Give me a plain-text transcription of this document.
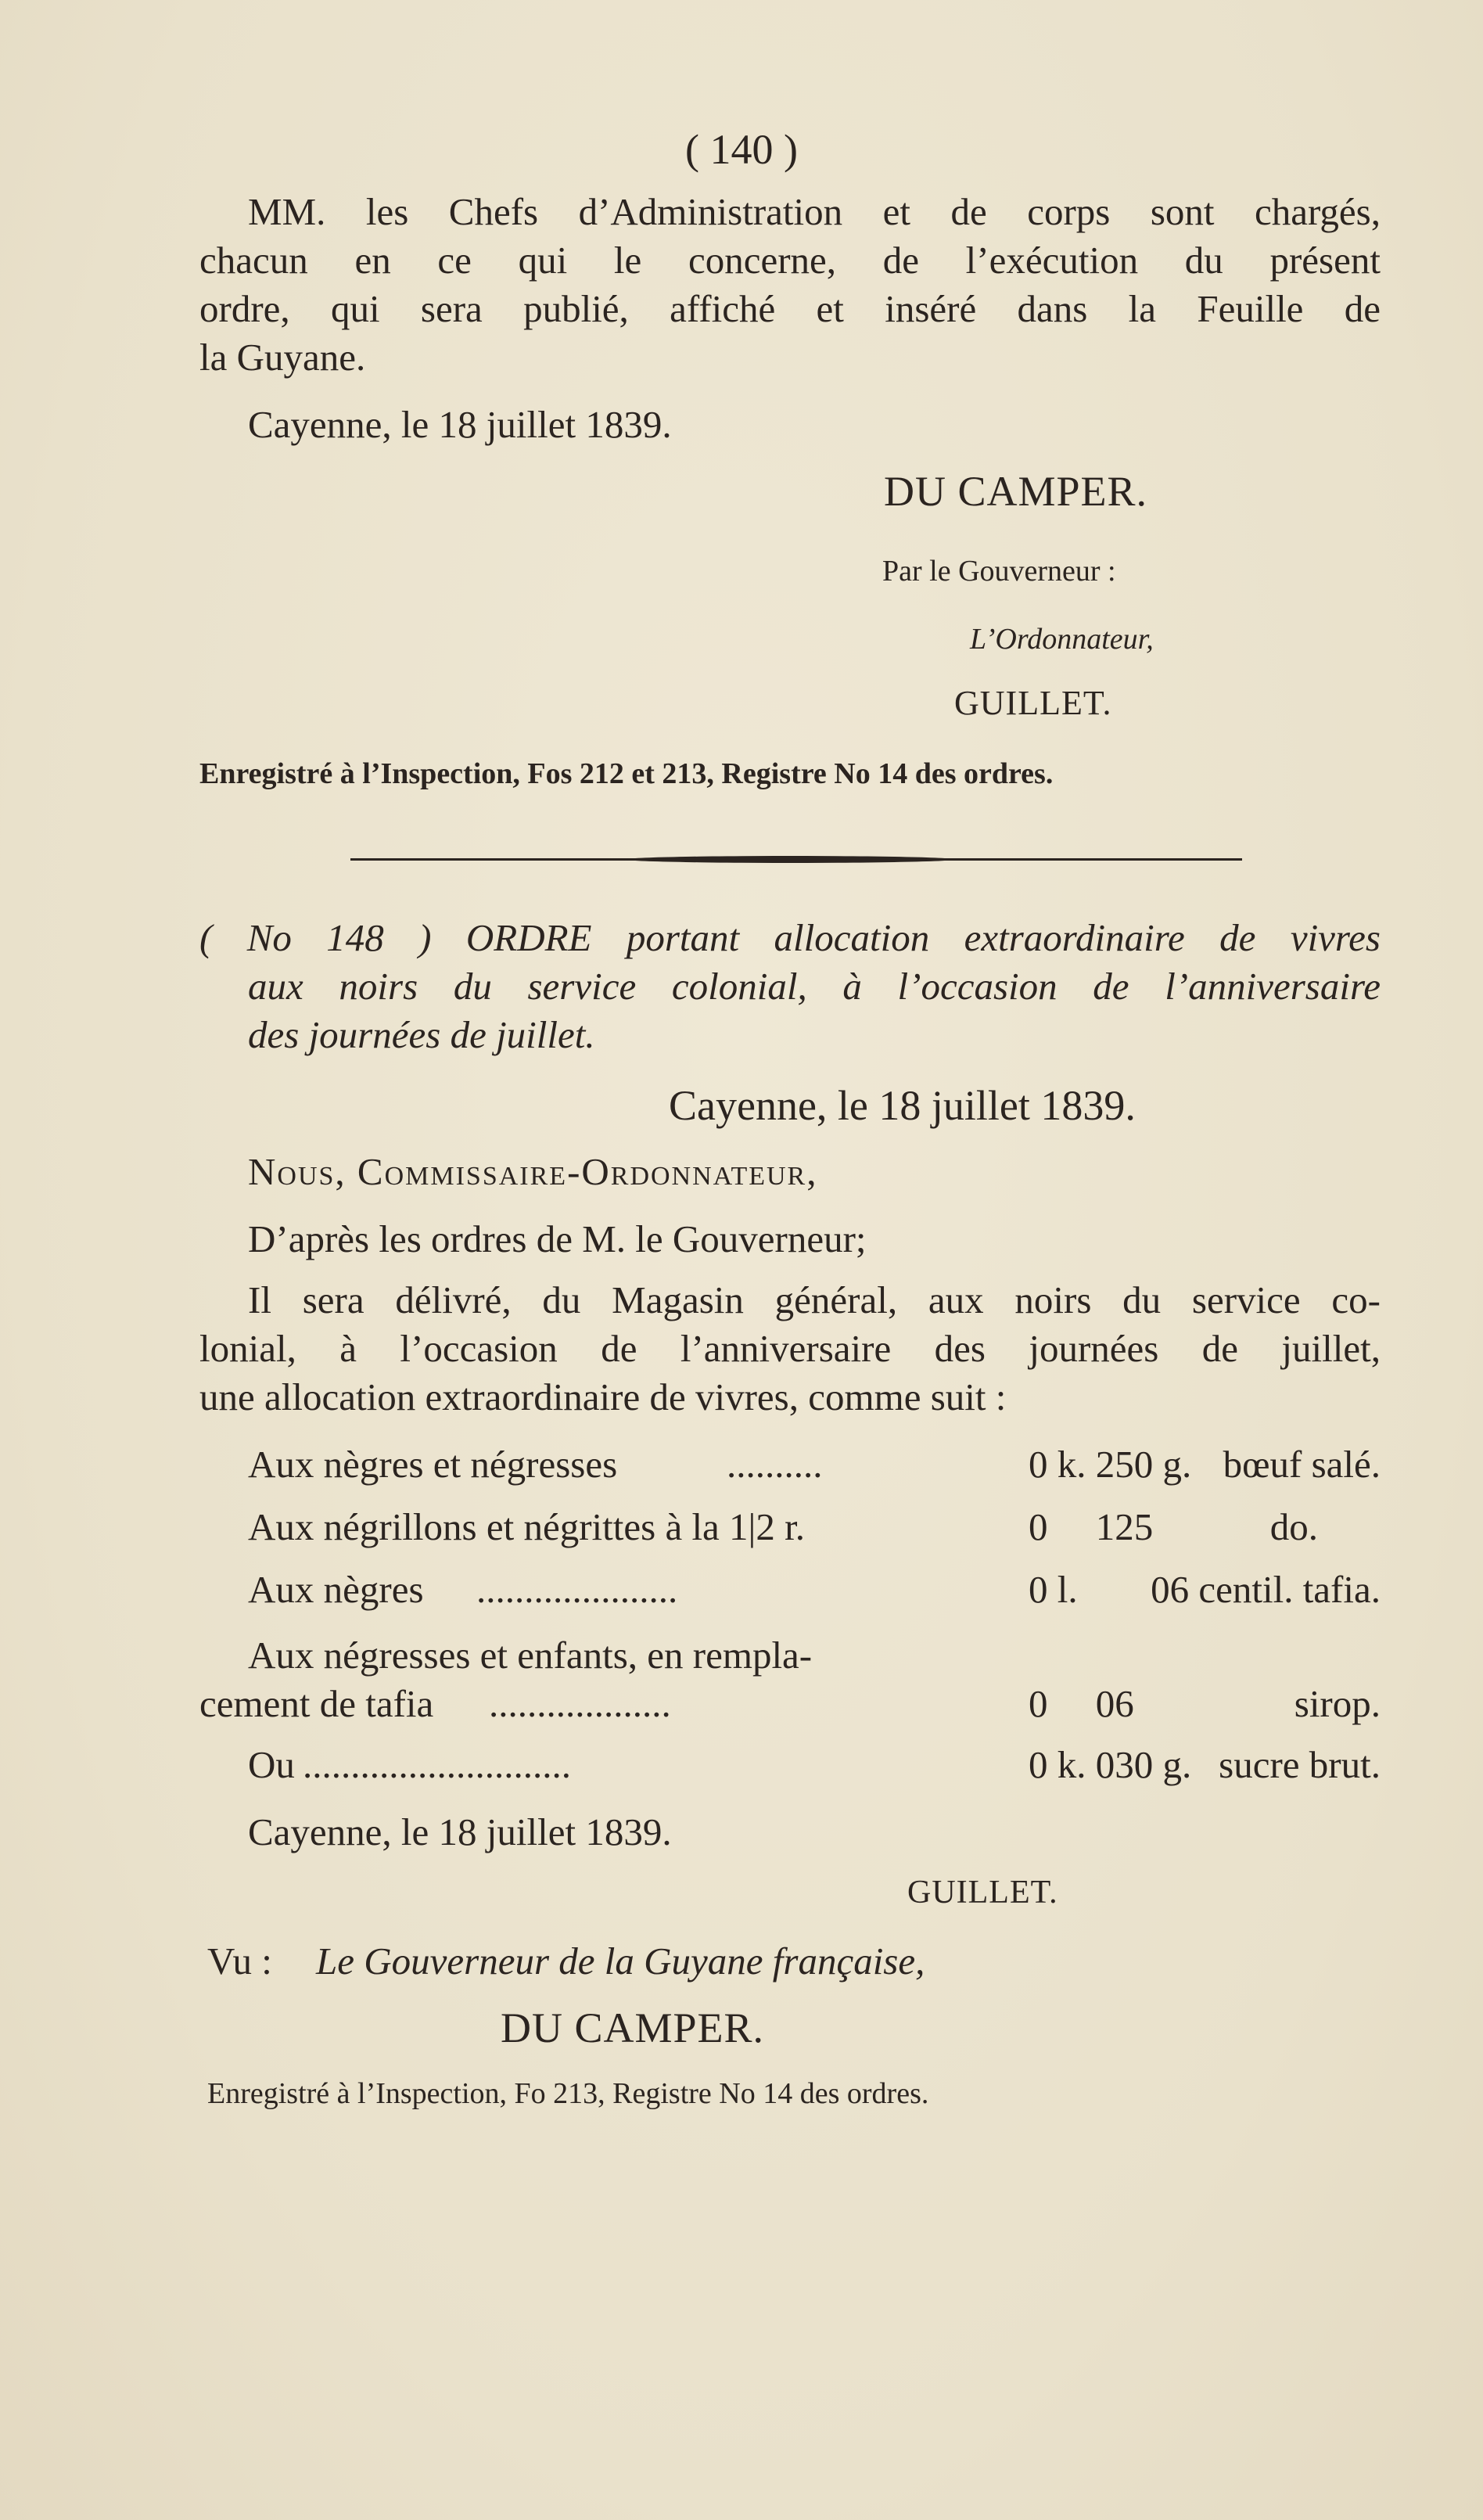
( 140 )
MM. les Chefs d’Administration et de corps sont chargés,
chacun en ce qui le concerne, de l’exécution du présent
ordre, qui sera publié, affiché et inséré dans la Feuille de
la Guyane.
Cayenne, le 18 juillet 1839.
DU CAMPER.
Par le Gouverneur :
L’Ordonnateur,
GUILLET.
Enregistré à l’Inspection, Fos 212 et 213, Registre No 14 des ordres.
( No 148 ) ORDRE portant allocation extraordinaire de vivres
aux noirs du service colonial, à l’occasion de l’anniversaire
des journées de juillet.
Cayenne, le 18 juillet 1839.
Nous, Commissaire-Ordonnateur,
D’après les ordres de M. le Gouverneur;
Il sera délivré, du Magasin général, aux noirs du service co-
lonial, à l’occasion de l’anniversaire des journées de juillet,
une allocation extraordinaire de vivres, comme suit :
Aux nègres et négresses	..........	0 k. 250 g. bœuf salé.
Aux négrillons et négrittes à la 1|2 r.	0     125	do.
Aux nègres .....................	0 l. 06 centil. tafia.
Aux négresses et enfants, en rempla-
cement de tafia ...................	0     06	sirop.
Ou ............................	0 k. 030 g. sucre brut.
Cayenne, le 18 juillet 1839.
GUILLET.
Vu : Le Gouverneur de la Guyane française,
DU CAMPER.
Enregistré à l’Inspection, Fo 213, Registre No 14 des ordres.
